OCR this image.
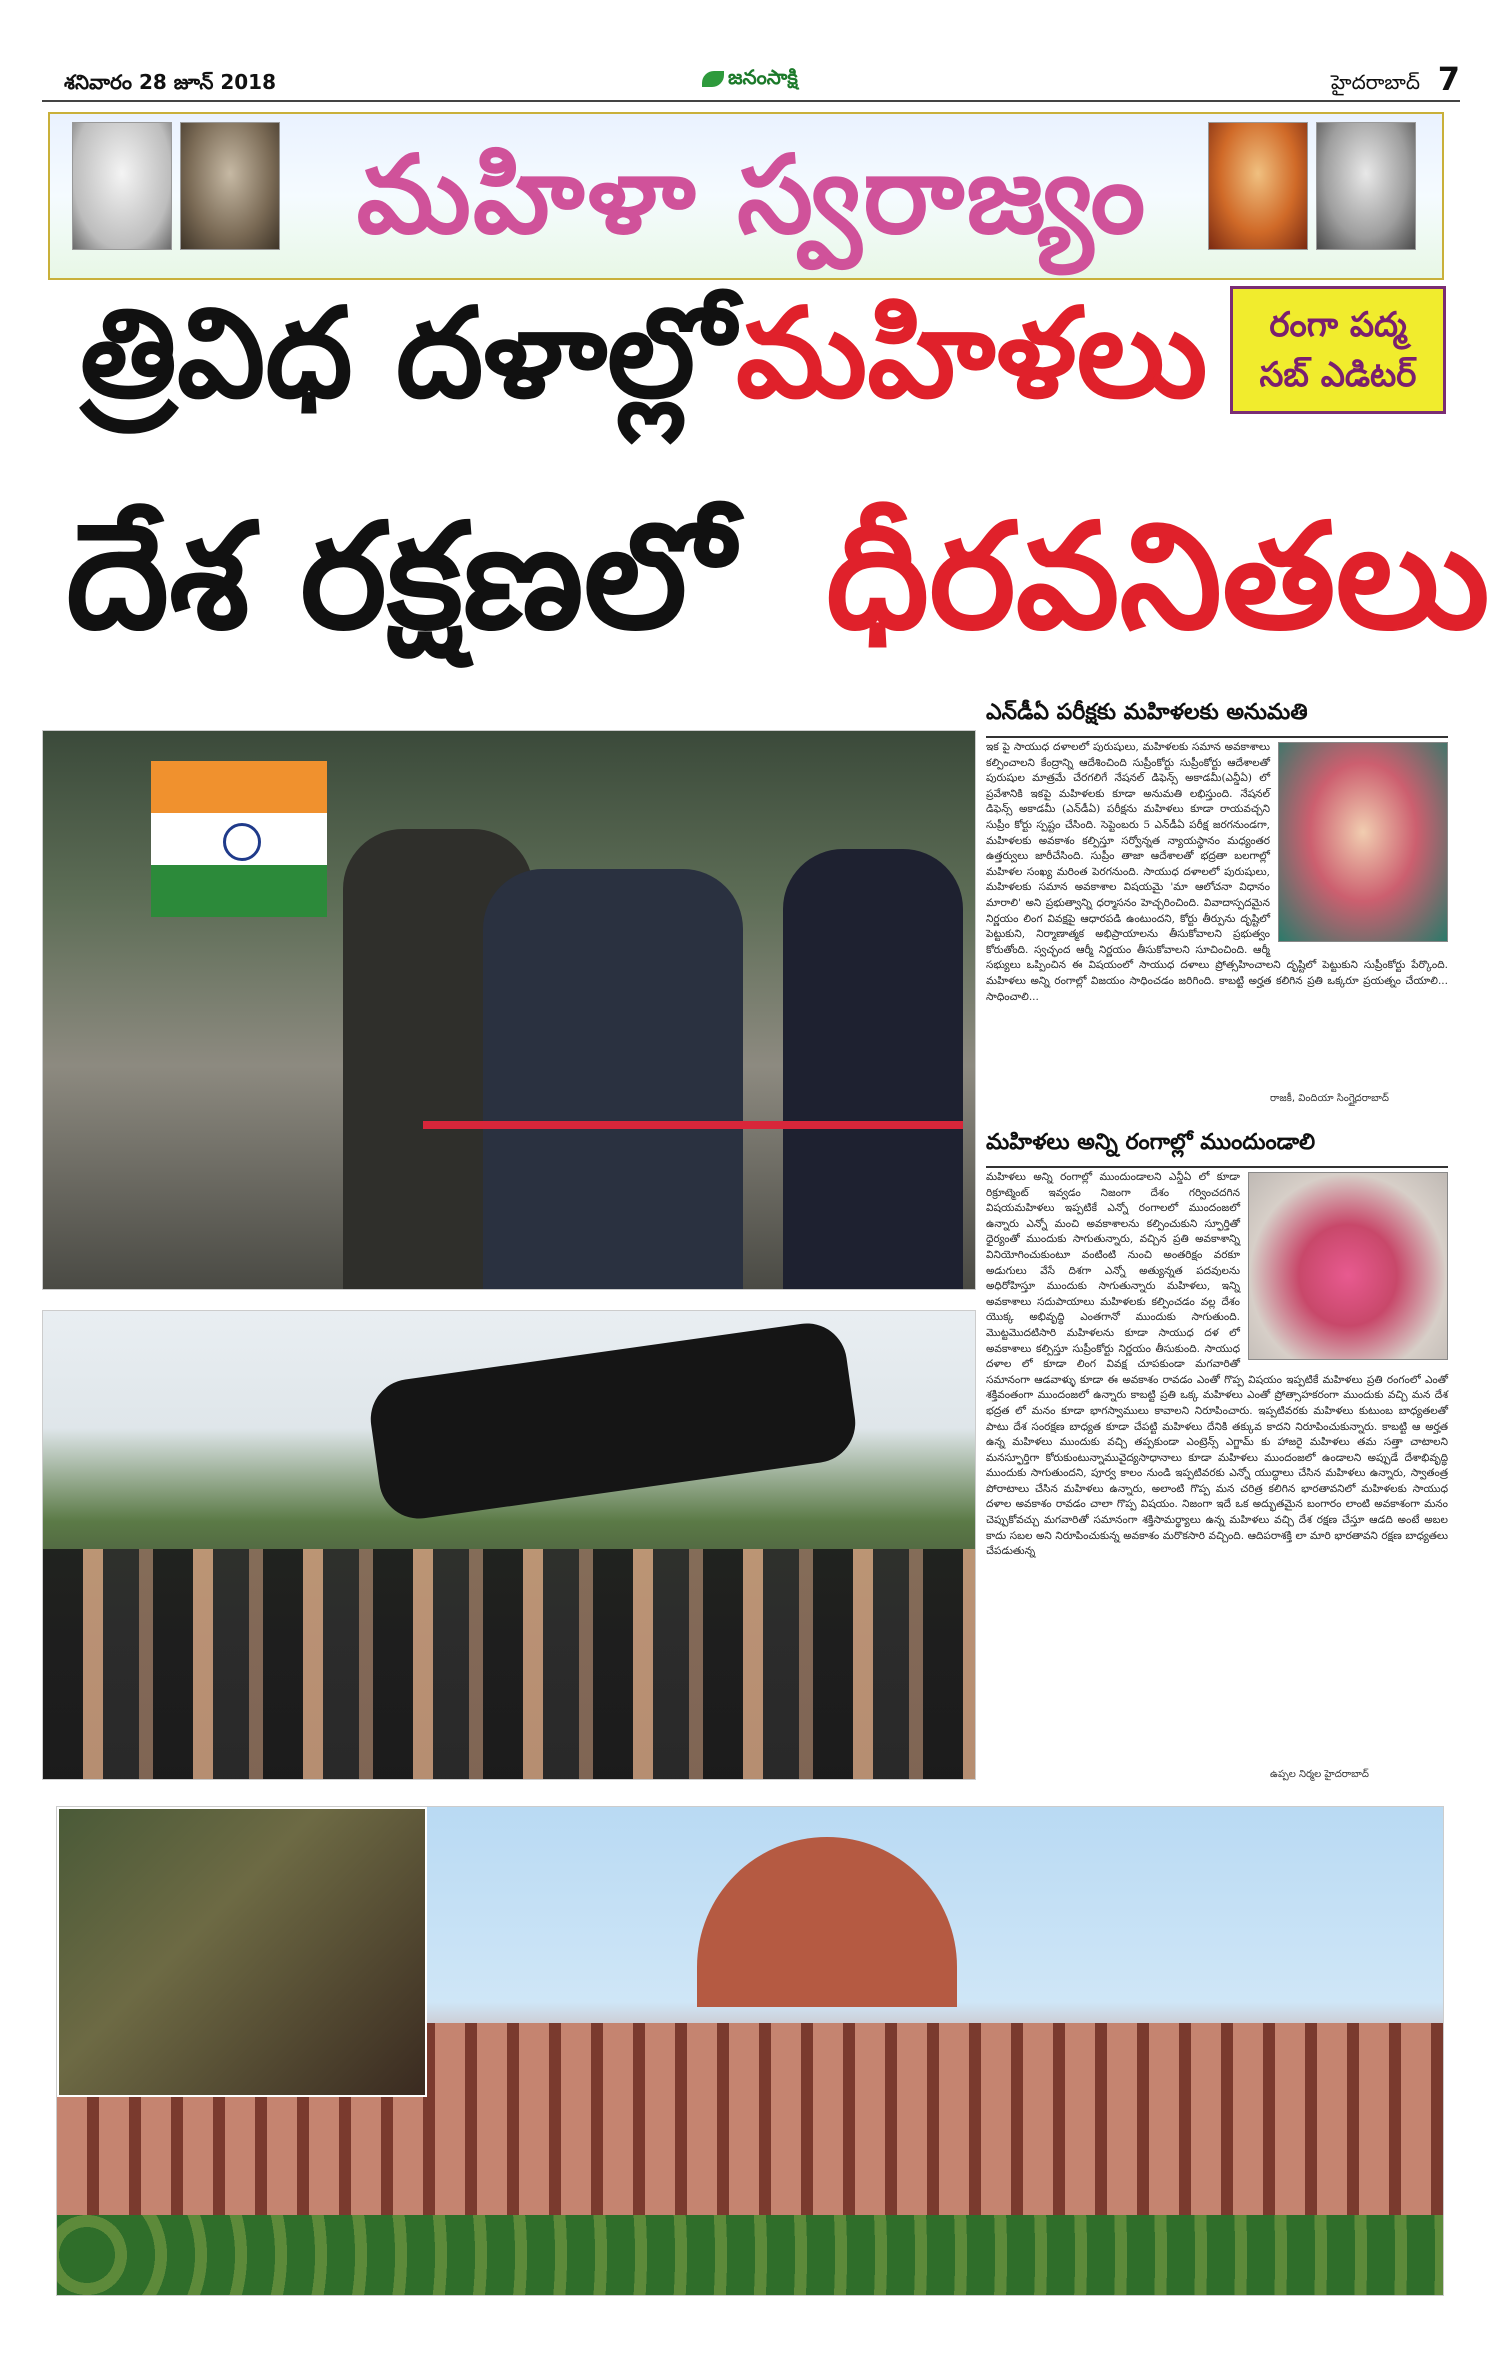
శనివారం 28 జూన్ 2018	జనంసాక్షి	హైదరాబాద్ 7
మహిళా స్వరాజ్యం
త్రివిధ దళాల్లో మహిళలు
దేశ రక్షణలో ధీరవనితలు
రంగా పద్మ
సబ్ ఎడిటర్
ఎన్‌డీఏ పరీక్షకు మహిళలకు అనుమతి
ఇక పై సాయుధ దళాలలో పురుషులు, మహిళలకు సమాన అవకాశాలు కల్పించాలని కేంద్రాన్ని ఆదేశించింది సుప్రీంకోర్టు సుప్రీంకోర్టు ఆదేశాలతో పురుషుల మాత్రమే చేరగలిగే నేషనల్ డిఫెన్స్ అకాడమీ(ఎన్డీఏ) లో ప్రవేశానికి ఇకపై మహిళలకు కూడా అనుమతి లభిస్తుంది. నేషనల్ డిఫెన్స్ అకాడమీ (ఎన్‌డీఏ) పరీక్షను మహిళలు కూడా రాయవచ్చని సుప్రీం కోర్టు స్పష్టం చేసింది. సెప్టెంబరు 5 ఎన్‌డీఏ పరీక్ష జరగనుండగా, మహిళలకు అవకాశం కల్పిస్తూ సర్వోన్నత న్యాయస్థానం మధ్యంతర ఉత్తర్వులు జారీచేసింది. సుప్రీం తాజా ఆదేశాలతో భద్రతా బలగాల్లో మహిళల సంఖ్య మరింత పెరగనుంది. సాయుధ దళాలలో పురుషులు, మహిళలకు సమాన అవకాశాల విషయమై 'మా ఆలోచనా విధానం మారాలి' అని ప్రభుత్వాన్ని ధర్మాసనం హెచ్చరించింది. వివాదాస్పదమైన నిర్ణయం లింగ వివక్షపై ఆధారపడి ఉంటుందని, కోర్టు తీర్పును దృష్టిలో పెట్టుకుని, నిర్మాణాత్మక అభిప్రాయాలను తీసుకోవాలని ప్రభుత్వం కోరుతోంది. స్వచ్ఛంద ఆర్మీ నిర్ణయం తీసుకోవాలని సూచించింది. ఆర్మీ సభ్యులు ఒప్పించిన ఈ విషయంలో సాయుధ దళాలు ప్రోత్సహించాలని దృష్టిలో పెట్టుకుని సుప్రీంకోర్టు పేర్కొంది. మహిళలు అన్ని రంగాల్లో విజయం సాధించడం జరిగింది. కాబట్టి అర్హత కలిగిన ప్రతి ఒక్కరూ ప్రయత్నం చేయాలి... సాధించాలి...
రాజకీ, విందియా సింగ్హైదరాబాద్
మహిళలు అన్ని రంగాల్లో ముందుండాలి
మహిళలు అన్ని రంగాల్లో ముందుండాలని ఎన్డీఏ లో కూడా రిక్రూట్మెంట్ ఇవ్వడం నిజంగా దేశం గర్వించదగిన విషయమహిళలు ఇప్పటికే ఎన్నో రంగాలలో ముందంజలో ఉన్నారు ఎన్నో మంచి అవకాశాలను కల్పించుకుని స్ఫూర్తితో ధైర్యంతో ముందుకు సాగుతున్నారు, వచ్చిన ప్రతి అవకాశాన్ని వినియోగించుకుంటూ వంటింటి నుంచి అంతరిక్షం వరకూ అడుగులు వేసే దిశగా ఎన్నో అత్యున్నత పదవులను అధిరోహిస్తూ ముందుకు సాగుతున్నారు మహిళలు, ఇన్ని అవకాశాలు సదుపాయాలు మహిళలకు కల్పించడం వల్ల దేశం యొక్క అభివృద్ధి ఎంతగానో ముందుకు సాగుతుంది. మొట్టమొదటిసారి మహిళలను కూడా సాయుధ దళ లో అవకాశాలు కల్పిస్తూ సుప్రీంకోర్టు నిర్ణయం తీసుకుంది. సాయుధ దళాల లో కూడా లింగ వివక్ష చూపకుండా మగవారితో సమానంగా ఆడవాళ్ళు కూడా ఈ అవకాశం రావడం ఎంతో గొప్ప విషయం ఇప్పటికే మహిళలు ప్రతి రంగంలో ఎంతో శక్తివంతంగా ముందంజలో ఉన్నారు కాబట్టి ప్రతి ఒక్క మహిళలు ఎంతో ప్రోత్సాహకరంగా ముందుకు వచ్చి మన దేశ భద్రత లో మనం కూడా భాగస్వాములు కావాలని నిరూపించారు. ఇప్పటివరకు మహిళలు కుటుంబ బాధ్యతలతో పాటు దేశ సంరక్షణ బాధ్యత కూడా చేపట్టి మహిళలు దేనికి తక్కువ కాదని నిరూపించుకున్నారు. కాబట్టి ఆ అర్హత ఉన్న మహిళలు ముందుకు వచ్చి తప్పకుండా ఎంట్రెన్స్ ఎగ్జామ్ కు హాజరై మహిళలు తమ సత్తా చాటాలని మనస్ఫూర్తిగా కోరుకుంటున్నామువైద్యసాధానాలు కూడా మహిళలు ముందంజలో ఉండాలని అప్పుడే దేశాభివృద్ధి ముందుకు సాగుతుందని, పూర్వ కాలం నుండి ఇప్పటివరకు ఎన్నో యుద్ధాలు చేసిన మహిళలు ఉన్నారు, స్వాతంత్ర పోరాటాలు చేసిన మహిళలు ఉన్నారు, అలాంటి గొప్ప మన చరిత్ర కలిగిన భారతావనిలో మహిళలకు సాయుధ దళాల అవకాశం రావడం చాలా గొప్ప విషయం. నిజంగా ఇదే ఒక అద్భుతమైన బంగారం లాంటి అవకాశంగా మనం చెప్పుకోవచ్చు మగవారితో సమానంగా శక్తిసామర్థ్యాలు ఉన్న మహిళలు వచ్చి దేశ రక్షణ చేస్తూ ఆడది అంటే అబల కాదు సబల అని నిరూపించుకున్న అవకాశం మరొకసారి వచ్చింది. ఆదిపరాశక్తి లా మారి భారతావని రక్షణ బాధ్యతలు చేపడుతున్న
ఉప్పల నిర్మల హైదరాబాద్
